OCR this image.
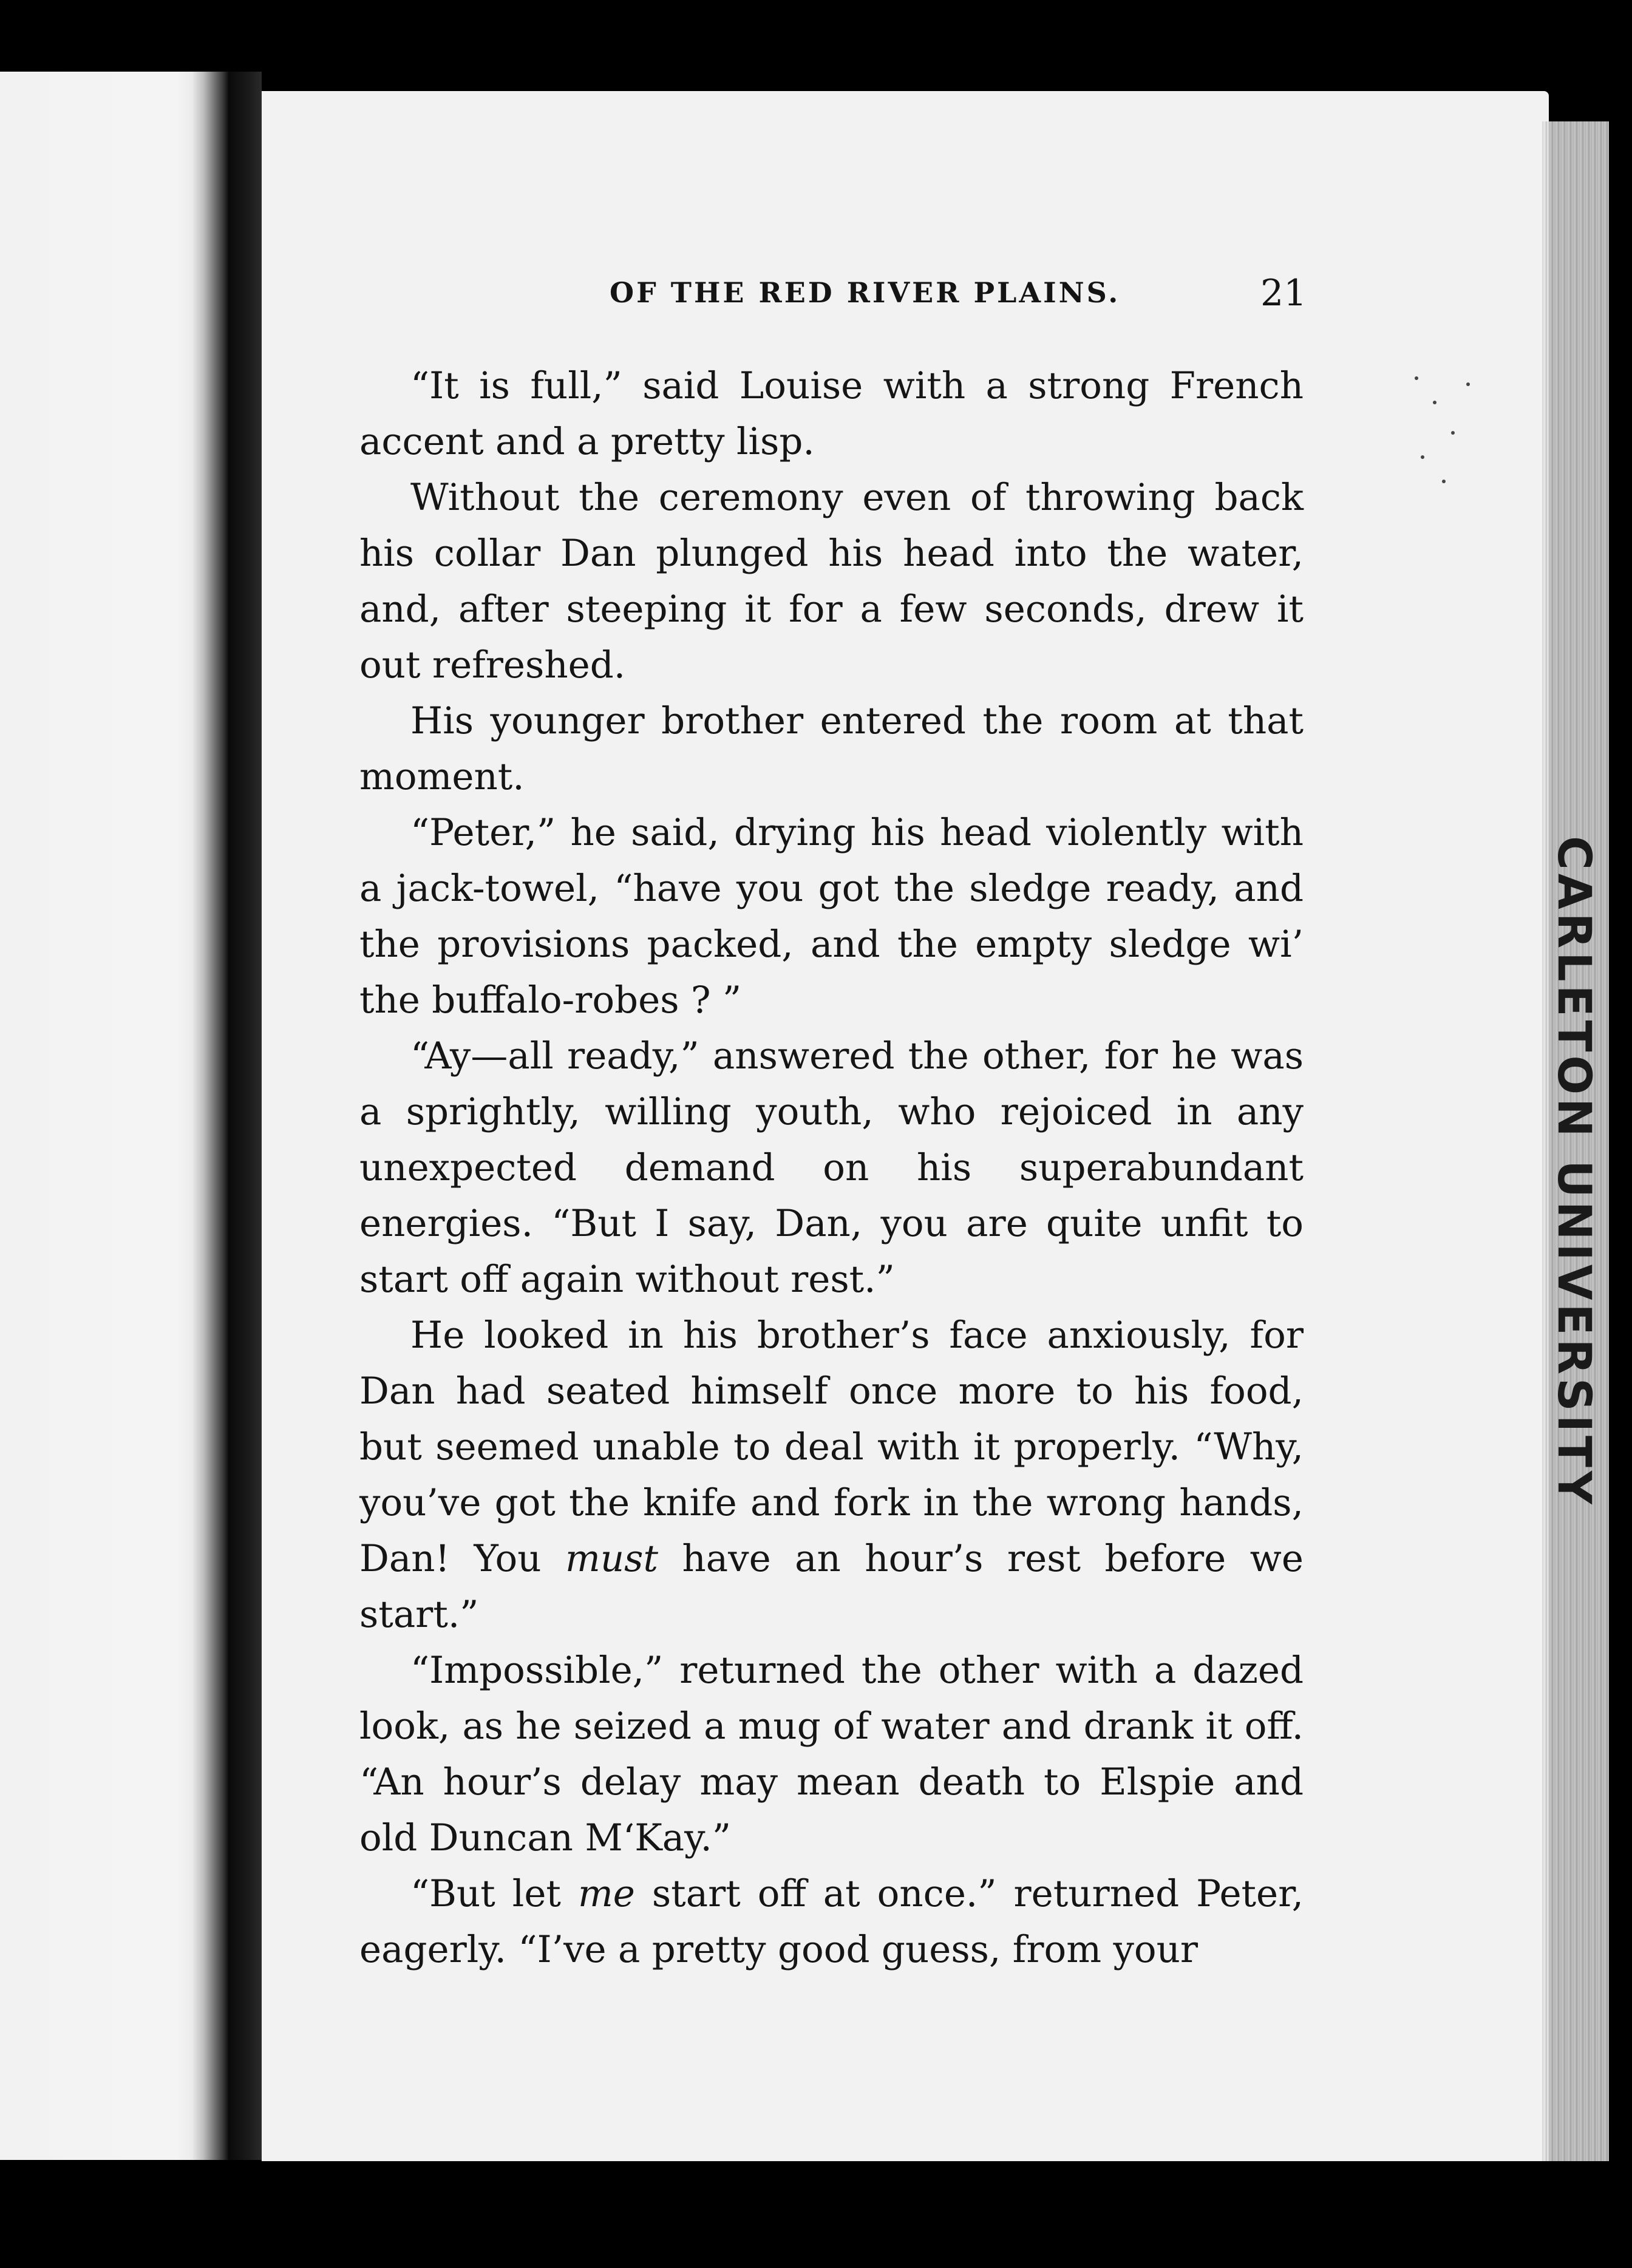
CARLETON UNIVERSITY
OF THE RED RIVER PLAINS.	21

“It is full,” said Louise with a strong French accent and a pretty lisp.

Without the ceremony even of throwing back his collar Dan plunged his head into the water, and, after steeping it for a few seconds, drew it out refreshed.

His younger brother entered the room at that moment.

“Peter,” he said, drying his head violently with a jack-towel, “have you got the sledge ready, and the provisions packed, and the empty sledge wi’ the buffalo-robes ? ”

“Ay—all ready,” answered the other, for he was a sprightly, willing youth, who rejoiced in any unexpected demand on his superabundant energies. “But I say, Dan, you are quite unfit to start off again without rest.”

He looked in his brother’s face anxiously, for Dan had seated himself once more to his food, but seemed unable to deal with it properly. “Why, you’ve got the knife and fork in the wrong hands, Dan! You must have an hour’s rest before we start.”

“Impossible,” returned the other with a dazed look, as he seized a mug of water and drank it off. “An hour’s delay may mean death to Elspie and old Duncan M‘Kay.”

“But let me start off at once.” returned Peter, eagerly. “I’ve a pretty good guess, from your
